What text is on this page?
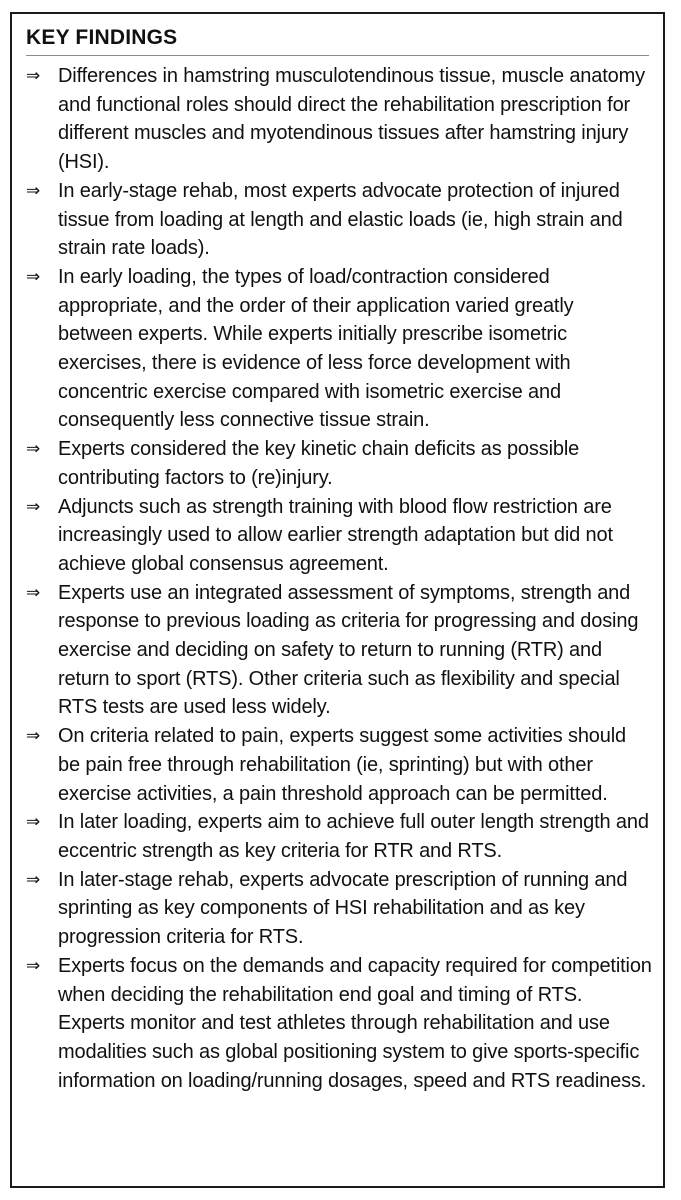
KEY FINDINGS
⇒ Differences in hamstring musculotendinous tissue, muscle anatomy and functional roles should direct the rehabilitation prescription for different muscles and myotendinous tissues after hamstring injury (HSI).
⇒ In early-stage rehab, most experts advocate protection of injured tissue from loading at length and elastic loads (ie, high strain and strain rate loads).
⇒ In early loading, the types of load/contraction considered appropriate, and the order of their application varied greatly between experts. While experts initially prescribe isometric exercises, there is evidence of less force development with concentric exercise compared with isometric exercise and consequently less connective tissue strain.
⇒ Experts considered the key kinetic chain deficits as possible contributing factors to (re)injury.
⇒ Adjuncts such as strength training with blood flow restriction are increasingly used to allow earlier strength adaptation but did not achieve global consensus agreement.
⇒ Experts use an integrated assessment of symptoms, strength and response to previous loading as criteria for progressing and dosing exercise and deciding on safety to return to running (RTR) and return to sport (RTS). Other criteria such as flexibility and special RTS tests are used less widely.
⇒ On criteria related to pain, experts suggest some activities should be pain free through rehabilitation (ie, sprinting) but with other exercise activities, a pain threshold approach can be permitted.
⇒ In later loading, experts aim to achieve full outer length strength and eccentric strength as key criteria for RTR and RTS.
⇒ In later-stage rehab, experts advocate prescription of running and sprinting as key components of HSI rehabilitation and as key progression criteria for RTS.
⇒ Experts focus on the demands and capacity required for competition when deciding the rehabilitation end goal and timing of RTS. Experts monitor and test athletes through rehabilitation and use modalities such as global positioning system to give sports-specific information on loading/running dosages, speed and RTS readiness.
